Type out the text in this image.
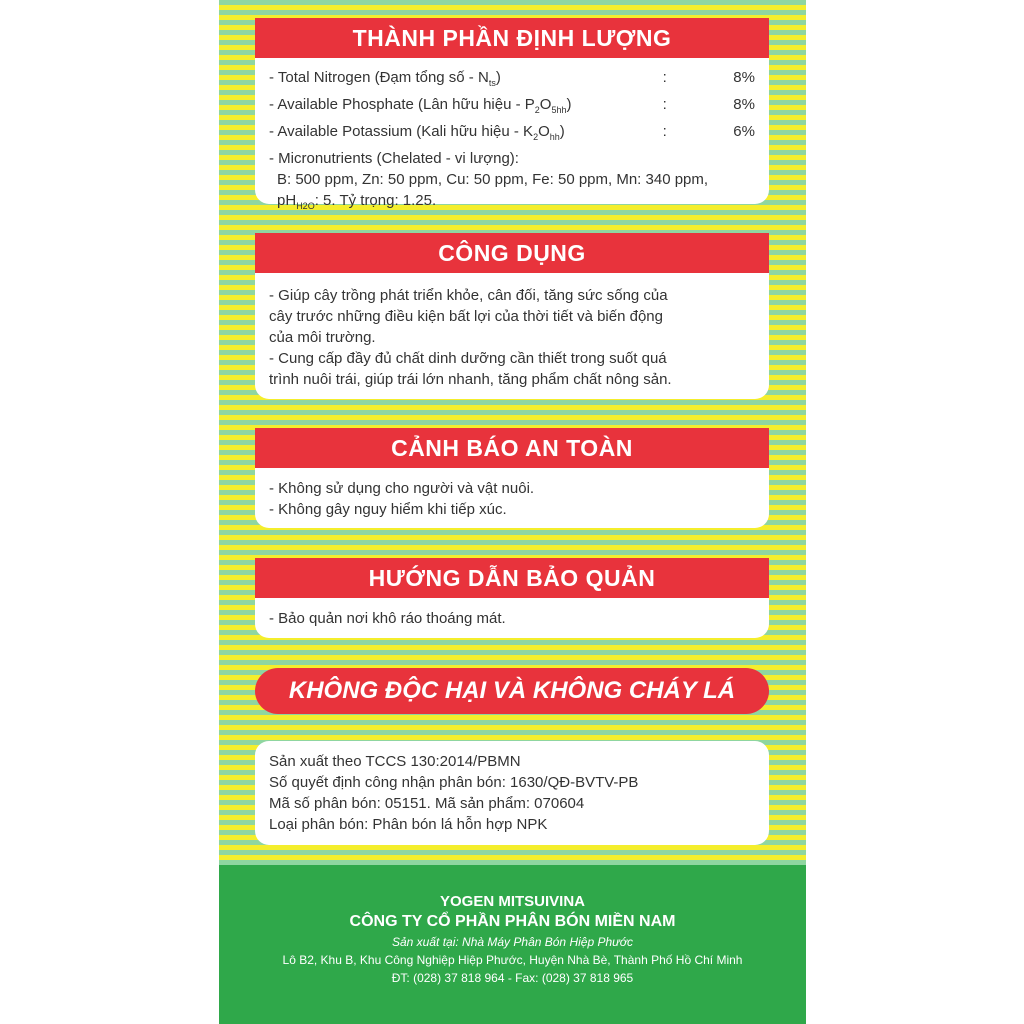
THÀNH PHẦN ĐỊNH LƯỢNG
- Total Nitrogen (Đạm tổng số - $N_{ts}$)	:	8%
- Available Phosphate (Lân hữu hiệu - $P_2O_{5hh}$)	:	8%
- Available Potassium (Kali hữu hiệu - $K_2O_{hh}$)	:	6%
- Micronutrients (Chelated - vi lượng):
B: 500 ppm, Zn: 50 ppm, Cu: 50 ppm, Fe: 50 ppm, Mn: 340 ppm,
$pH_{H2O}$: 5. Tỷ trọng: 1.25.
CÔNG DỤNG
- Giúp cây trồng phát triển khỏe, cân đối, tăng sức sống của
cây trước những điều kiện bất lợi của thời tiết và biến động
của môi trường.
- Cung cấp đầy đủ chất dinh dưỡng cần thiết trong suốt quá
trình nuôi trái, giúp trái lớn nhanh, tăng phẩm chất nông sản.
CẢNH BÁO AN TOÀN
- Không sử dụng cho người và vật nuôi.
- Không gây nguy hiểm khi tiếp xúc.
HƯỚNG DẪN BẢO QUẢN
- Bảo quản nơi khô ráo thoáng mát.
KHÔNG ĐỘC HẠI VÀ KHÔNG CHÁY LÁ
Sản xuất theo TCCS 130:2014/PBMN
Số quyết định công nhận phân bón: 1630/QĐ-BVTV-PB
Mã số phân bón: 05151. Mã sản phẩm: 070604
Loại phân bón: Phân bón lá hỗn hợp NPK
YOGEN MITSUIVINA
CÔNG TY CỔ PHẦN PHÂN BÓN MIỀN NAM
Sản xuất tại: Nhà Máy Phân Bón Hiệp Phước
Lô B2, Khu B, Khu Công Nghiệp Hiệp Phước, Huyện Nhà Bè, Thành Phố Hồ Chí Minh
ĐT: (028) 37 818 964 - Fax: (028) 37 818 965
